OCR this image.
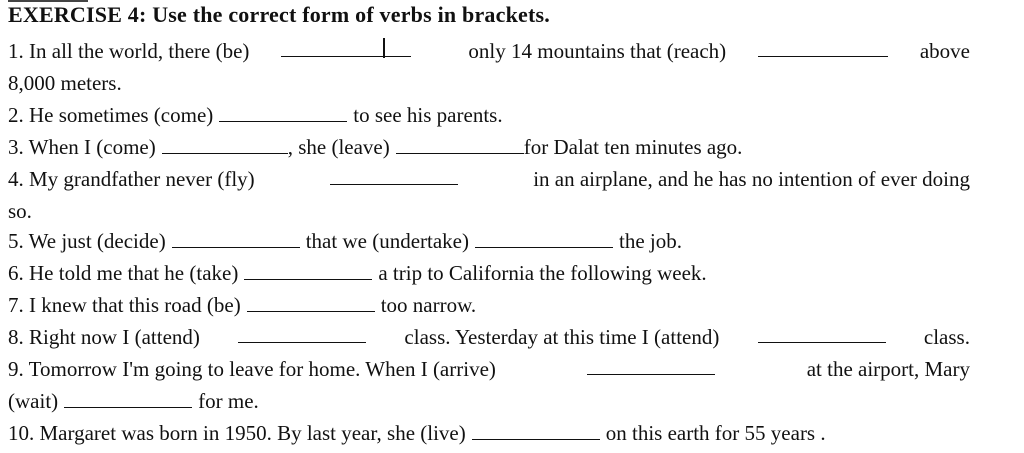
EXERCISE 4: Use the correct form of verbs in brackets.
1. In all the world, there (be)	only 14 mountains that (reach)	above
8,000 meters.
2. He sometimes (come)	to see his parents.
3. When I (come)	, she (leave)	for Dalat ten minutes ago.
4. My grandfather never (fly)	in an airplane, and he has no intention of ever doing
so.
5. We just (decide)	that we (undertake)	the job.
6. He told me that he (take)	a trip to California the following week.
7. I knew that this road (be)	too narrow.
8. Right now I (attend)	class. Yesterday at this time I (attend)	class.
9. Tomorrow I'm going to leave for home. When I (arrive)	at the airport, Mary
(wait)	for me.
10. Margaret was born in 1950. By last year, she (live)	on this earth for 55 years .
